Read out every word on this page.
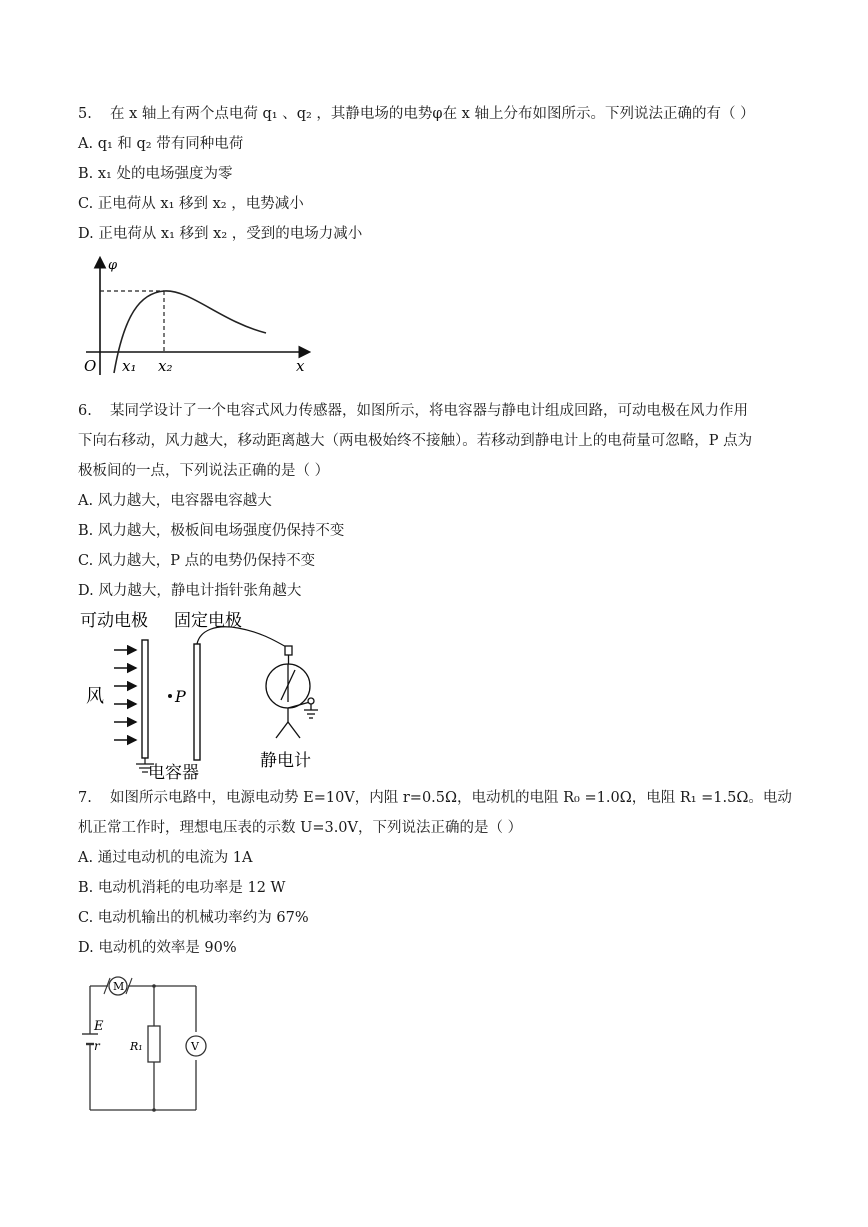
5. 在 x 轴上有两个点电荷 q₁ 、q₂ ，其静电场的电势φ在 x 轴上分布如图所示。下列说法正确的有（ ）
A. q₁ 和 q₂ 带有同种电荷
B. x₁ 处的电场强度为零
C. 正电荷从 x₁ 移到 x₂ ，电势减小
D. 正电荷从 x₁ 移到 x₂ ，受到的电场力减小
φ
O x₁ x₂	x
6. 某同学设计了一个电容式风力传感器，如图所示，将电容器与静电计组成回路，可动电极在风力作用
下向右移动，风力越大，移动距离越大（两电极始终不接触）。若移动到静电计上的电荷量可忽略，P 点为
极板间的一点，下列说法正确的是（ ）
A. 风力越大，电容器电容越大
B. 风力越大，极板间电场强度仍保持不变
C. 风力越大，P 点的电势仍保持不变
D. 风力越大，静电计指针张角越大
可动电极 固定电极
风	P
静电计
电容器
7. 如图所示电路中，电源电动势 E=10V，内阻 r=0.5Ω，电动机的电阻 R₀ =1.0Ω，电阻 R₁ =1.5Ω。电动
机正常工作时，理想电压表的示数 U=3.0V，下列说法正确的是（ ）
A. 通过电动机的电流为 1A
B. 电动机消耗的电功率是 12 W
C. 电动机输出的机械功率约为 67%
D. 电动机的效率是 90%
M
E
r	R₁	V
